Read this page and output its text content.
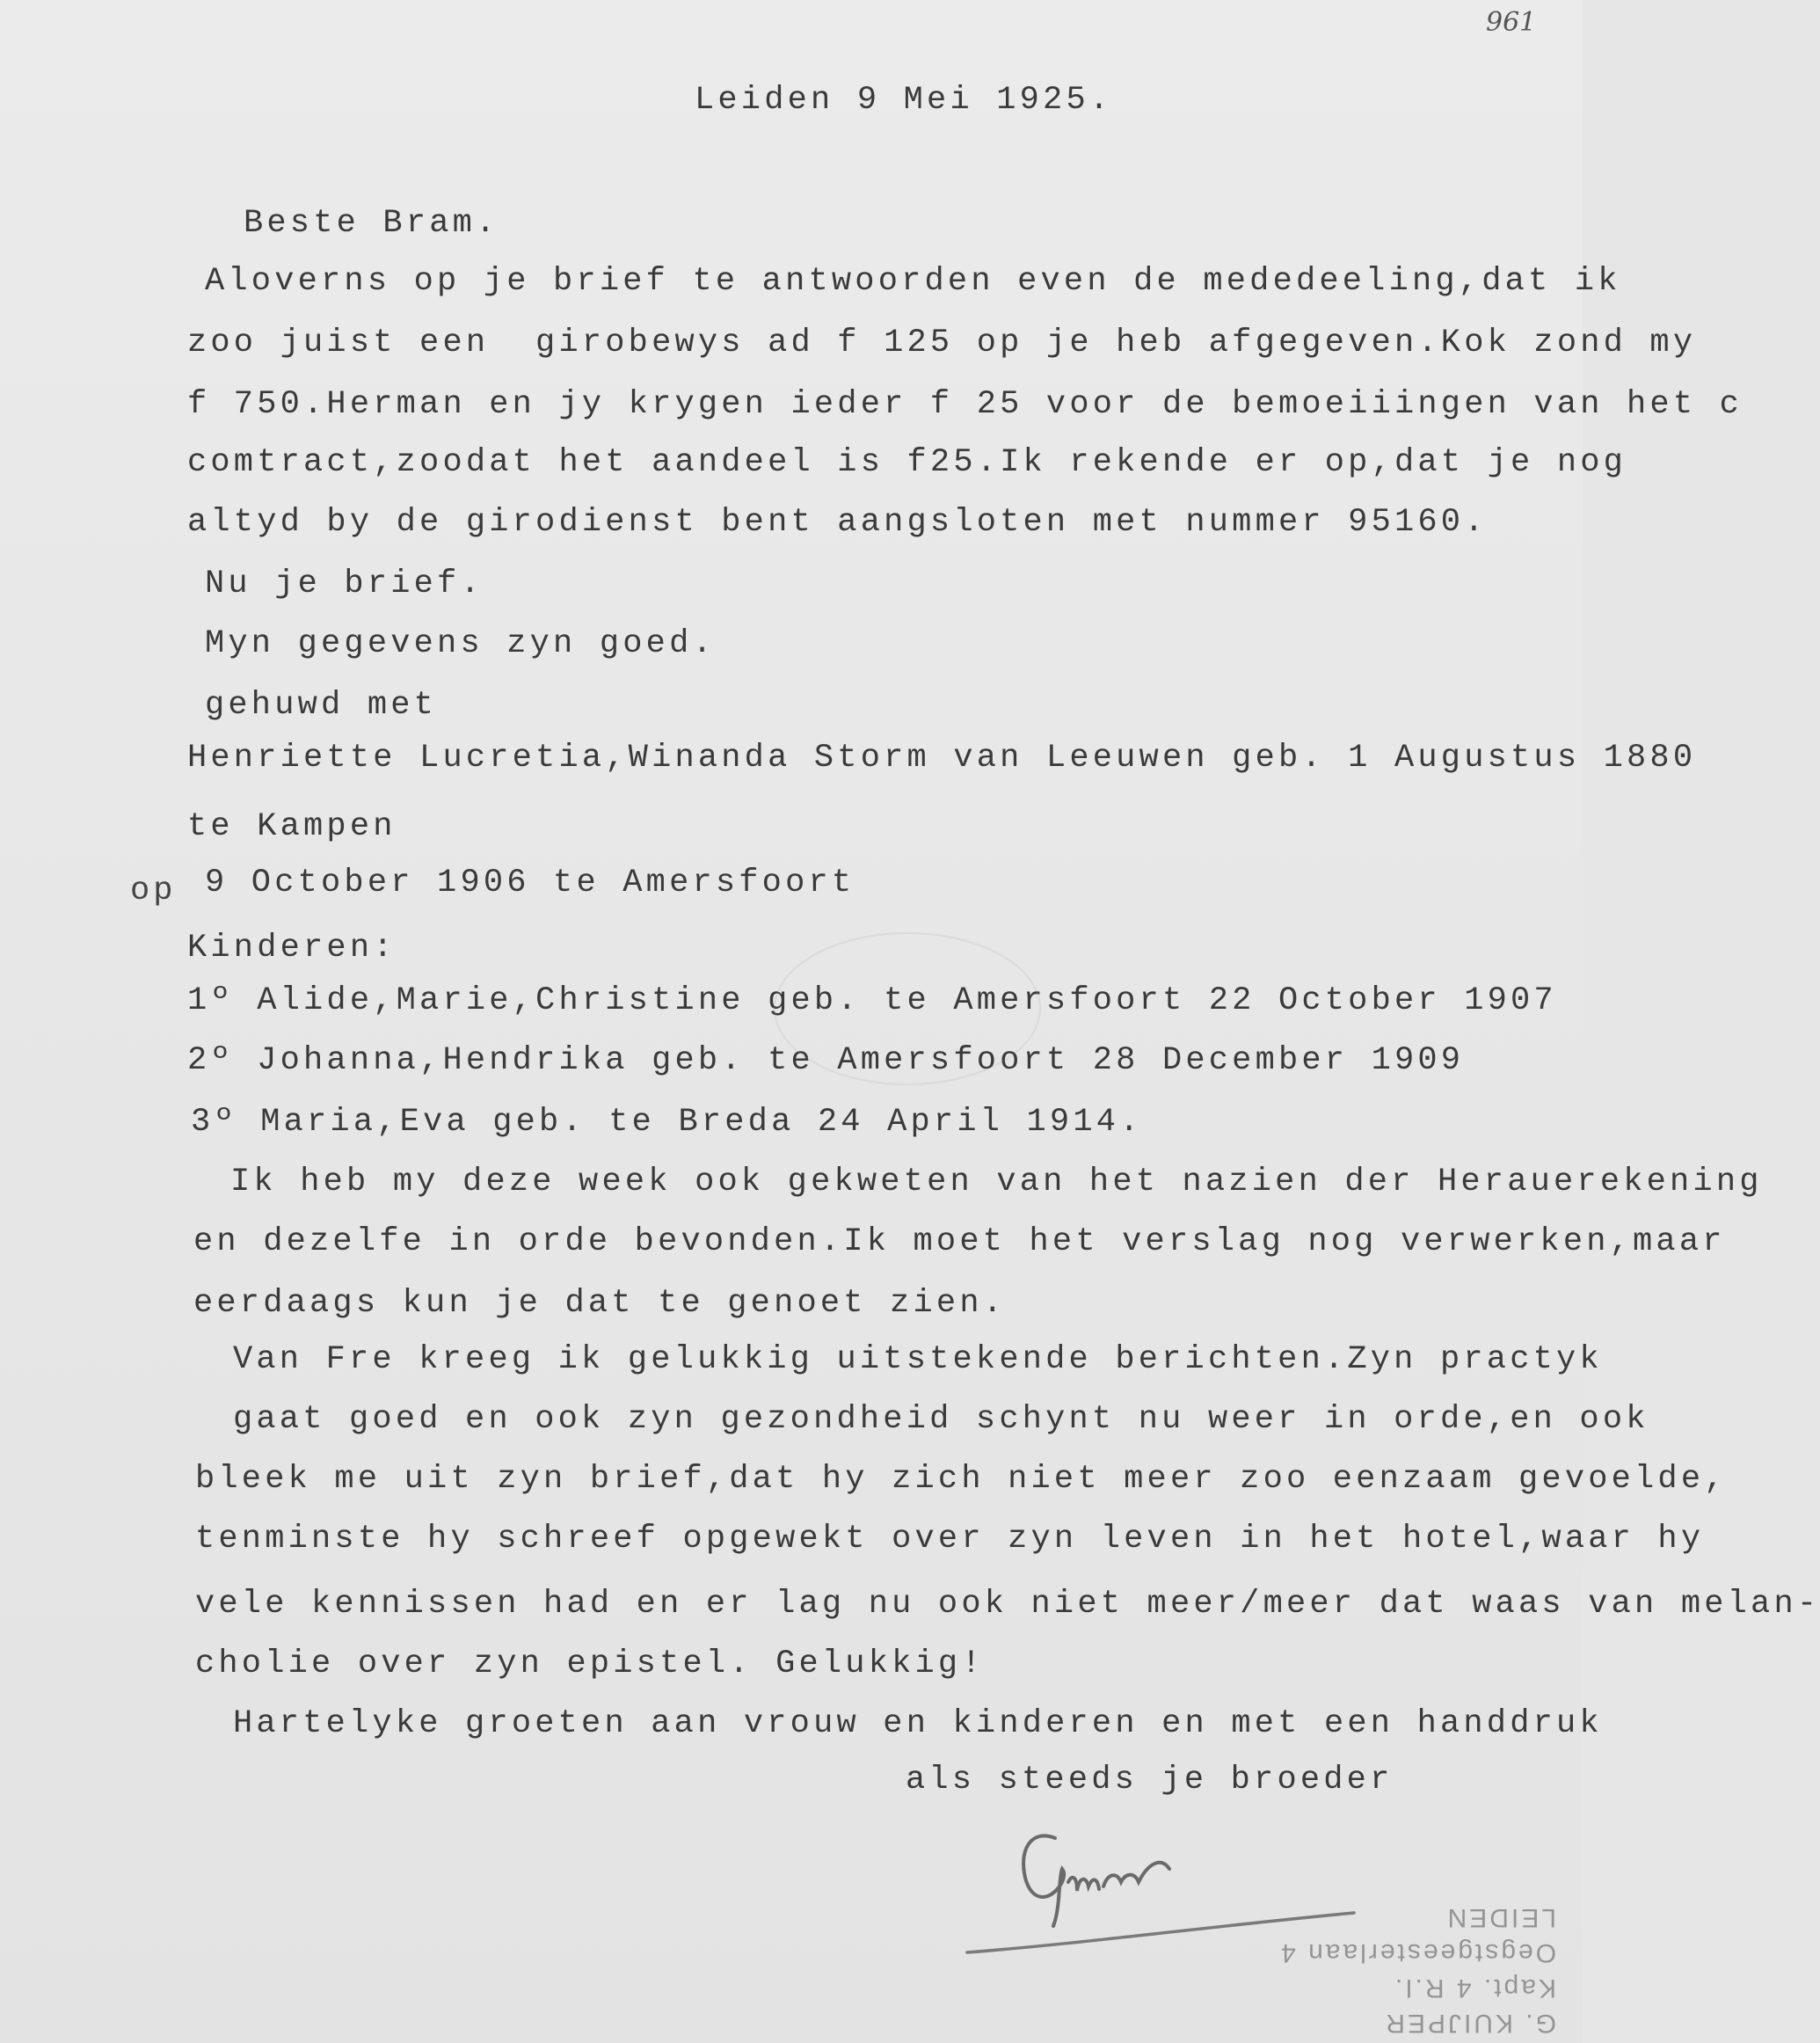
961
Leiden 9 Mei 1925.
Beste Bram.
Aloverns op je brief te antwoorden even de mededeeling,dat ik
zoo juist een  girobewys ad f 125 op je heb afgegeven.Kok zond my
f 750.Herman en jy krygen ieder f 25 voor de bemoeiiingen van het c
comtract,zoodat het aandeel is f25.Ik rekende er op,dat je nog
altyd by de girodienst bent aangsloten met nummer 95160.
Nu je brief.
Myn gegevens zyn goed.
gehuwd met
Henriette Lucretia,Winanda Storm van Leeuwen geb. 1 Augustus 1880
te Kampen
op 9 October 1906 te Amersfoort
Kinderen:
1º Alide,Marie,Christine geb. te Amersfoort 22 October 1907
2º Johanna,Hendrika geb. te Amersfoort 28 December 1909
3º Maria,Eva geb. te Breda 24 April 1914.
Ik heb my deze week ook gekweten van het nazien der Herauerekening
en dezelfe in orde bevonden.Ik moet het verslag nog verwerken,maar
eerdaags kun je dat te genoet zien.
Van Fre kreeg ik gelukkig uitstekende berichten.Zyn practyk
gaat goed en ook zyn gezondheid schynt nu weer in orde,en ook
bleek me uit zyn brief,dat hy zich niet meer zoo eenzaam gevoelde,
tenminste hy schreef opgewekt over zyn leven in het hotel,waar hy
vele kennissen had en er lag nu ook niet meer/meer dat waas van melan-
cholie over zyn epistel. Gelukkig!
Hartelyke groeten aan vrouw en kinderen en met een handdruk
als steeds je broeder
G. KUIJPER
Kapt. 4 R.I.
Oegstgeesterlaan 4
LEIDEN
